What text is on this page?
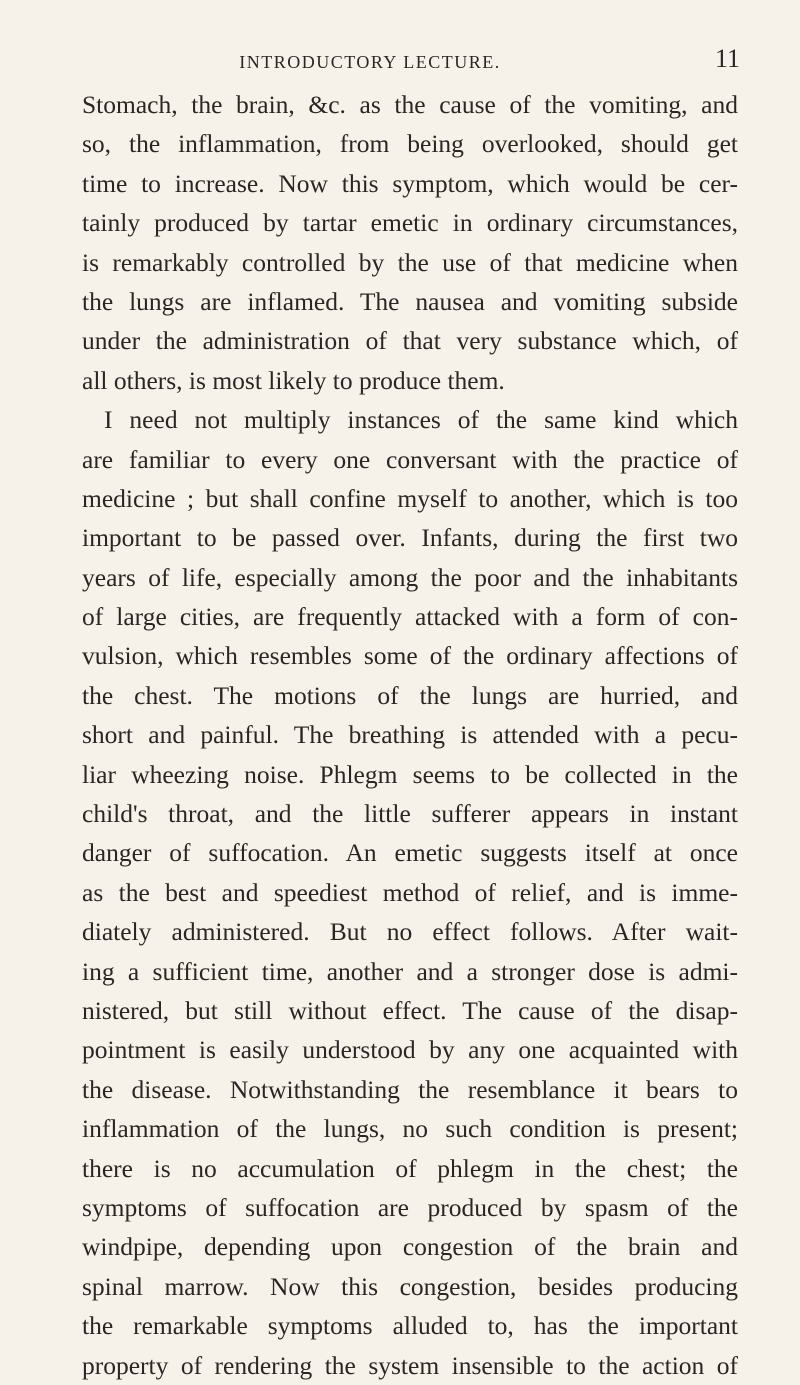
INTRODUCTORY LECTURE.	11
Stomach, the brain, &c. as the cause of the vomiting, and
so, the inflammation, from being overlooked, should get
time to increase. Now this symptom, which would be cer-
tainly produced by tartar emetic in ordinary circumstances,
is remarkably controlled by the use of that medicine when
the lungs are inflamed. The nausea and vomiting subside
under the administration of that very substance which, of
all others, is most likely to produce them.
I need not multiply instances of the same kind which
are familiar to every one conversant with the practice of
medicine ; but shall confine myself to another, which is too
important to be passed over. Infants, during the first two
years of life, especially among the poor and the inhabitants
of large cities, are frequently attacked with a form of con-
vulsion, which resembles some of the ordinary affections of
the chest. The motions of the lungs are hurried, and
short and painful. The breathing is attended with a pecu-
liar wheezing noise. Phlegm seems to be collected in the
child's throat, and the little sufferer appears in instant
danger of suffocation. An emetic suggests itself at once
as the best and speediest method of relief, and is imme-
diately administered. But no effect follows. After wait-
ing a sufficient time, another and a stronger dose is admi-
nistered, but still without effect. The cause of the disap-
pointment is easily understood by any one acquainted with
the disease. Notwithstanding the resemblance it bears to
inflammation of the lungs, no such condition is present;
there is no accumulation of phlegm in the chest; the
symptoms of suffocation are produced by spasm of the
windpipe, depending upon congestion of the brain and
spinal marrow. Now this congestion, besides producing
the remarkable symptoms alluded to, has the important
property of rendering the system insensible to the action of
